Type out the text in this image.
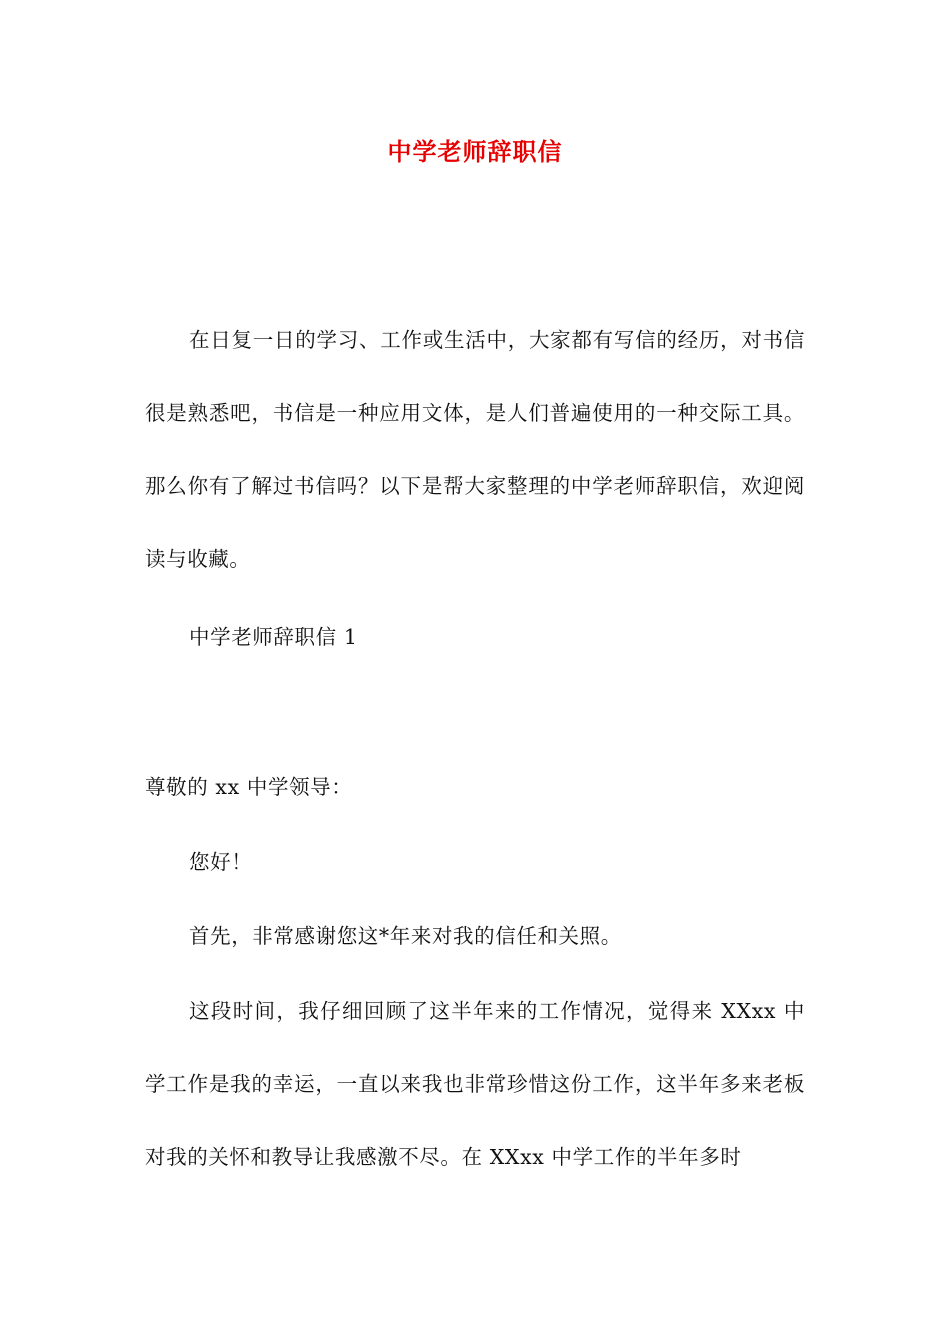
中学老师辞职信

在日复一日的学习、工作或生活中，大家都有写信的经历，对书信很是熟悉吧，书信是一种应用文体，是人们普遍使用的一种交际工具。那么你有了解过书信吗？以下是帮大家整理的中学老师辞职信，欢迎阅读与收藏。

中学老师辞职信 1

尊敬的 xx 中学领导：

您好！

首先，非常感谢您这*年来对我的信任和关照。

这段时间，我仔细回顾了这半年来的工作情况，觉得来 XXxx 中学工作是我的幸运，一直以来我也非常珍惜这份工作，这半年多来老板对我的关怀和教导让我感激不尽。在 XXxx 中学工作的半年多时
